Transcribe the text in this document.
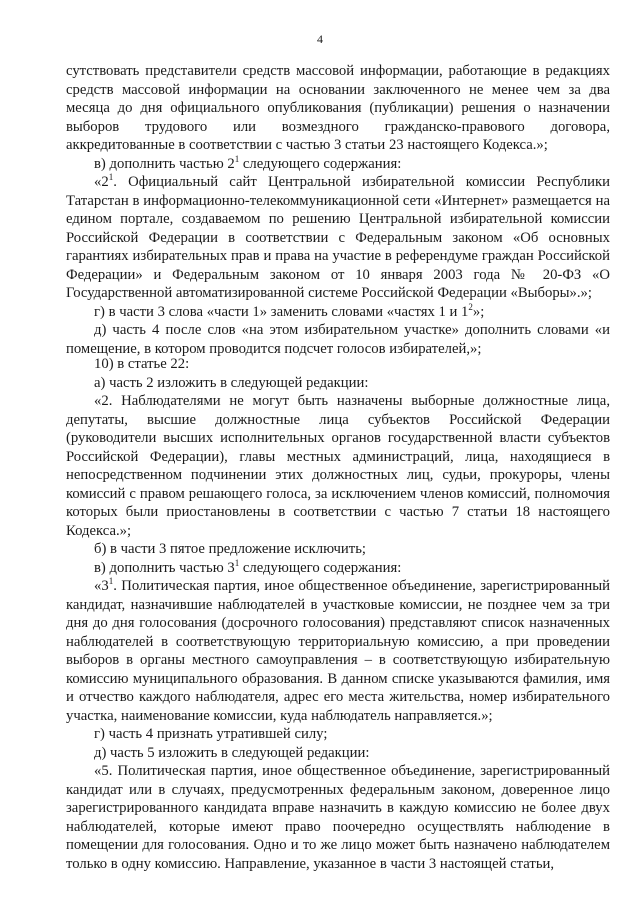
4

сутствовать представители средств массовой информации, работающие в редакциях средств массовой информации на основании заключенного не менее чем за два месяца до дня официального опубликования (публикации) решения о назначении выборов трудового или возмездного гражданско-правового договора, аккредитованные в соответствии с частью 3 статьи 23 настоящего Кодекса.»;

в) дополнить частью $2^1$ следующего содержания:

«$2^1$. Официальный сайт Центральной избирательной комиссии Республики Татарстан в информационно-телекоммуникационной сети «Интернет» размещается на едином портале, создаваемом по решению Центральной избирательной комиссии Российской Федерации в соответствии с Федеральным законом «Об основных гарантиях избирательных прав и права на участие в референдуме граждан Российской Федерации» и Федеральным законом от 10 января 2003 года № 20-ФЗ «О Государственной автоматизированной системе Российской Федерации «Выборы».»;

г) в части 3 слова «части 1» заменить словами «частях 1 и $1^2$»;

д) часть 4 после слов «на этом избирательном участке» дополнить словами «и помещение, в котором проводится подсчет голосов избирателей,»;

10) в статье 22:

а) часть 2 изложить в следующей редакции:

«2. Наблюдателями не могут быть назначены выборные должностные лица, депутаты, высшие должностные лица субъектов Российской Федерации (руководители высших исполнительных органов государственной власти субъектов Российской Федерации), главы местных администраций, лица, находящиеся в непосредственном подчинении этих должностных лиц, судьи, прокуроры, члены комиссий с правом решающего голоса, за исключением членов комиссий, полномочия которых были приостановлены в соответствии с частью 7 статьи 18 настоящего Кодекса.»;

б) в части 3 пятое предложение исключить;

в) дополнить частью $3^1$ следующего содержания:

«$3^1$. Политическая партия, иное общественное объединение, зарегистрированный кандидат, назначившие наблюдателей в участковые комиссии, не позднее чем за три дня до дня голосования (досрочного голосования) представляют список назначенных наблюдателей в соответствующую территориальную комиссию, а при проведении выборов в органы местного самоуправления – в соответствующую избирательную комиссию муниципального образования. В данном списке указываются фамилия, имя и отчество каждого наблюдателя, адрес его места жительства, номер избирательного участка, наименование комиссии, куда наблюдатель направляется.»;

г) часть 4 признать утратившей силу;

д) часть 5 изложить в следующей редакции:

«5. Политическая партия, иное общественное объединение, зарегистрированный кандидат или в случаях, предусмотренных федеральным законом, доверенное лицо зарегистрированного кандидата вправе назначить в каждую комиссию не более двух наблюдателей, которые имеют право поочередно осуществлять наблюдение в помещении для голосования. Одно и то же лицо может быть назначено наблюдателем только в одну комиссию. Направление, указанное в части 3 настоящей статьи,
